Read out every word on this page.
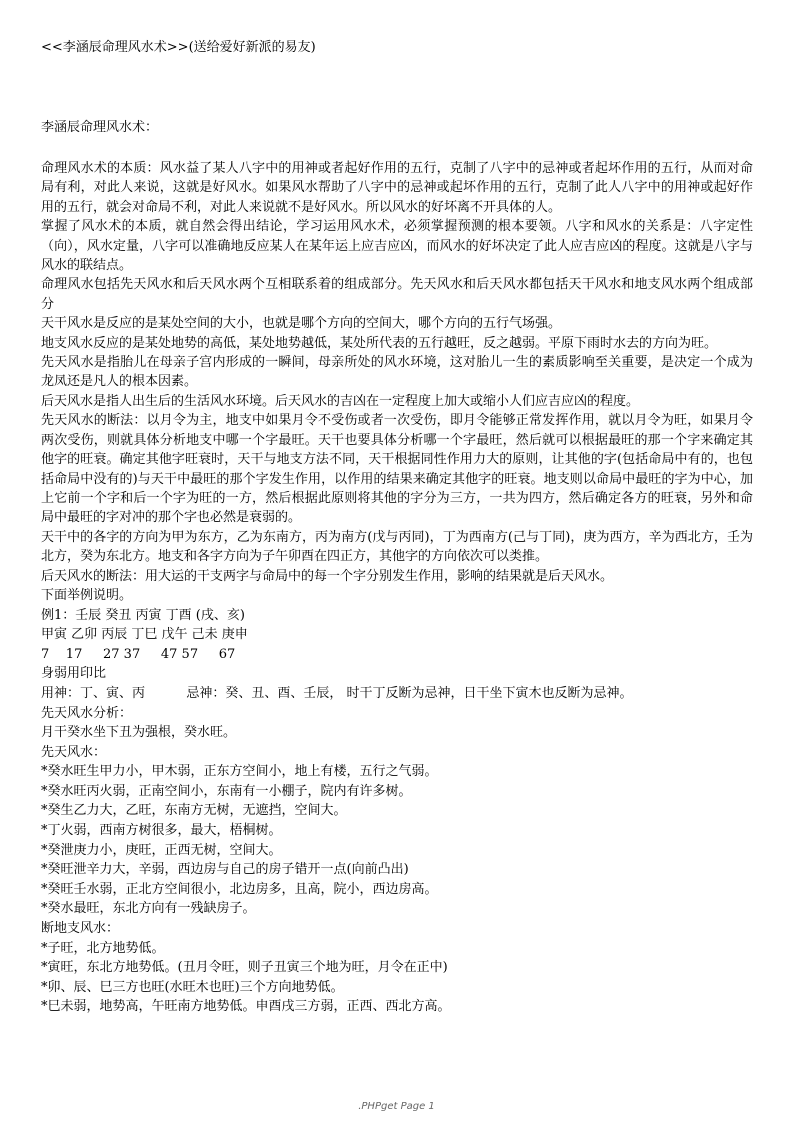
<<李涵辰命理风水术>>(送给爱好新派的易友)
李涵辰命理风水术：
命理风水术的本质：风水益了某人八字中的用神或者起好作用的五行，克制了八字中的忌神或者起坏作用的五行，从而对命局有利，对此人来说，这就是好风水。如果风水帮助了八字中的忌神或起坏作用的五行，克制了此人八字中的用神或起好作用的五行，就会对命局不利，对此人来说就不是好风水。所以风水的好坏离不开具体的人。
掌握了风水术的本质，就自然会得出结论，学习运用风水术，必须掌握预测的根本要领。八字和风水的关系是：八字定性（向），风水定量，八字可以准确地反应某人在某年运上应吉应凶，而风水的好坏决定了此人应吉应凶的程度。这就是八字与风水的联结点。
命理风水包括先天风水和后天风水两个互相联系着的组成部分。先天风水和后天风水都包括天干风水和地支风水两个组成部分
天干风水是反应的是某处空间的大小，也就是哪个方向的空间大，哪个方向的五行气场强。
地支风水反应的是某处地势的高低，某处地势越低，某处所代表的五行越旺，反之越弱。平原下雨时水去的方向为旺。
先天风水是指胎儿在母亲子宫内形成的一瞬间，母亲所处的风水环境，这对胎儿一生的素质影响至关重要，是决定一个成为龙凤还是凡人的根本因素。
后天风水是指人出生后的生活风水环境。后天风水的吉凶在一定程度上加大或缩小人们应吉应凶的程度。
先天风水的断法：以月令为主，地支中如果月令不受伤或者一次受伤，即月令能够正常发挥作用，就以月令为旺，如果月令两次受伤，则就具体分析地支中哪一个字最旺。天干也要具体分析哪一个字最旺，然后就可以根据最旺的那一个字来确定其他字的旺衰。确定其他字旺衰时，天干与地支方法不同，天干根据同性作用力大的原则，让其他的字(包括命局中有的，也包括命局中没有的)与天干中最旺的那个字发生作用，以作用的结果来确定其他字的旺衰。地支则以命局中最旺的字为中心，加上它前一个字和后一个字为旺的一方，然后根据此原则将其他的字分为三方，一共为四方，然后确定各方的旺衰，另外和命局中最旺的字对冲的那个字也必然是衰弱的。
天干中的各字的方向为甲为东方，乙为东南方，丙为南方(戊与丙同)，丁为西南方(己与丁同)，庚为西方，辛为西北方，壬为北方，癸为东北方。地支和各字方向为子午卯酉在四正方，其他字的方向依次可以类推。
后天风水的断法：用大运的干支两字与命局中的每一个字分别发生作用，影响的结果就是后天风水。
下面举例说明。
例1：壬辰 癸丑 丙寅 丁酉 (戌、亥)
甲寅 乙卯 丙辰 丁巳 戊午 己未 庚申
7    17     27 37     47 57     67
身弱用印比
用神：丁、寅、丙          忌神：癸、丑、酉、壬辰， 时干丁反断为忌神，日干坐下寅木也反断为忌神。
先天风水分析：
月干癸水坐下丑为强根，癸水旺。
先天风水：
*癸水旺生甲力小，甲木弱，正东方空间小，地上有楼，五行之气弱。
*癸水旺丙火弱，正南空间小，东南有一小棚子，院内有许多树。
*癸生乙力大，乙旺，东南方无树，无遮挡，空间大。
*丁火弱，西南方树很多，最大，梧桐树。
*癸泄庚力小，庚旺，正西无树，空间大。
*癸旺泄辛力大，辛弱，西边房与自己的房子错开一点(向前凸出)
*癸旺壬水弱，正北方空间很小，北边房多，且高，院小，西边房高。
*癸水最旺，东北方向有一残缺房子。
断地支风水：
*子旺，北方地势低。
*寅旺，东北方地势低。(丑月令旺，则子丑寅三个地为旺，月令在正中)
*卯、辰、巳三方也旺(水旺木也旺)三个方向地势低。
*巳未弱，地势高，午旺南方地势低。申酉戌三方弱，正西、西北方高。
.PHPget Page 1
